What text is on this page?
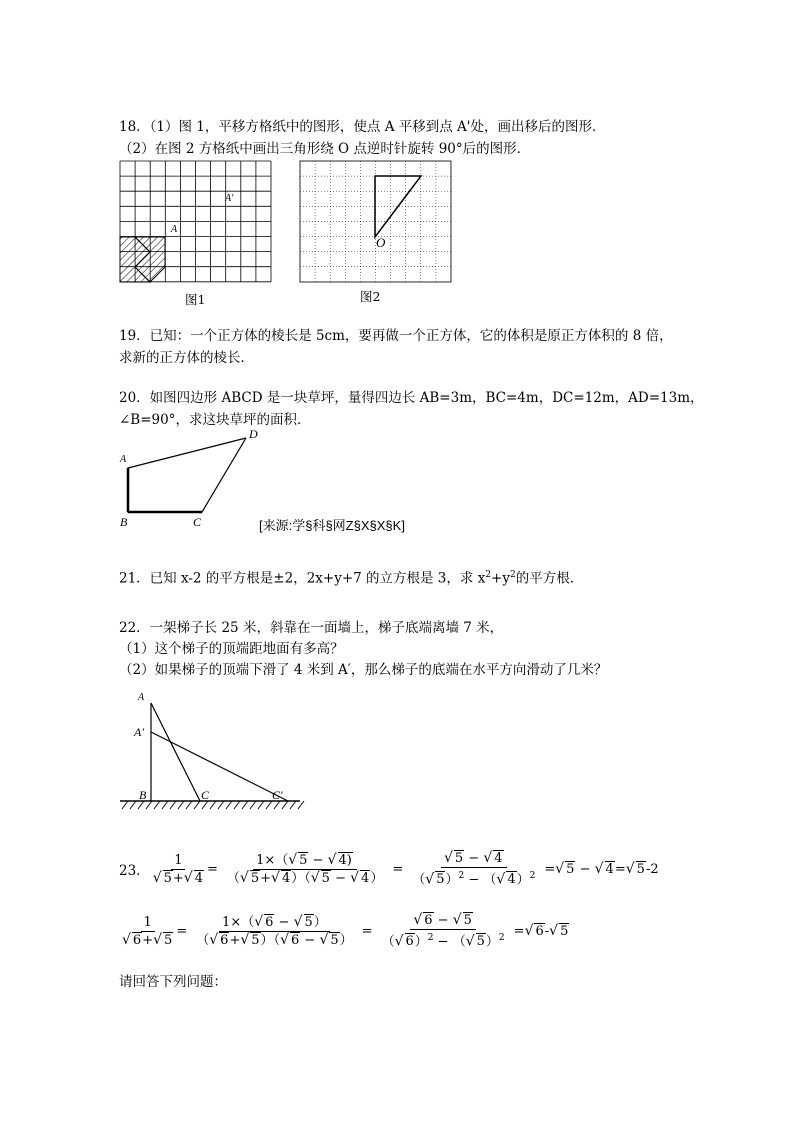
18．（1）图 1，平移方格纸中的图形，使点 A 平移到点 A'处，画出移后的图形．
（2）在图 2 方格纸中画出三角形绕 O 点逆时针旋转 90°后的图形．
A
A'
图1
O
图2
19．已知：一个正方体的棱长是 5cm，要再做一个正方体，它的体积是原正方体积的 8 倍，
求新的正方体的棱长．
20．如图四边形 ABCD 是一块草坪，量得四边长 AB=3m，BC=4m，DC=12m，AD=13m，
∠B=90°，求这块草坪的面积．
A
B	C
D
[来源:学§科§网Z§X§X§K]
21．已知 x-2 的平方根是±2，2x+y+7 的立方根是 3，求 $x^2+y^2$的平方根．
22．一架梯子长 25 米，斜靠在一面墙上，梯子底端离墙 7 米，
（1）这个梯子的顶端距地面有多高？
（2）如果梯子的顶端下滑了 4 米到 A′，那么梯子的底端在水平方向滑动了几米？
A
A′
B	C	C′
23． $\frac{1}{√ 5+√ 4} = \frac{1\times(√ 5 - √ 4)}{(√ 5+√ 4)(√ 5 - √ 4)} = \frac{√ 5 - √ 4}{(√ 5)^2 - (√ 4)^2}$ =√ 5 − √ 4=√ 5-2
$\frac{1}{√ 6+√ 5} = \frac{1\times(√ 6 - √ 5)}{(√ 6+√ 5)(√ 6 - √ 5)} = \frac{√ 6 - √ 5}{(√ 6)^2 - (√ 5)^2}$ =√ 6-√ 5
请回答下列问题：
